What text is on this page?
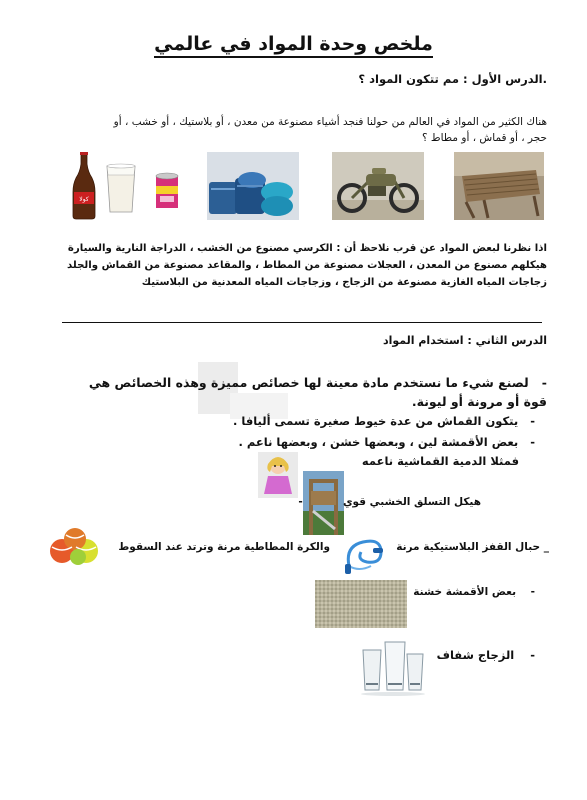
ملخص وحدة المواد في عالمي
.الدرس الأول : مم تتكون المواد ؟
هناك الكثير من المواد في العالم من حولنا فنجد أشياء مصنوعة من معدن ، أو بلاستيك ، أو خشب ، أو
حجر ، أو قماش ، أو مطاط ؟
كولا
اذا نظرنا لبعض المواد عن قرب نلاحظ أن : الكرسي مصنوع من الخشب ، الدراجة النارية والسيارة
هيكلهم مصنوع من المعدن ، العجلات مصنوعة من المطاط ، والمقاعد مصنوعة من القماش والجلد
زجاجات المياه الغازية مصنوعة من الزجاج ، وزجاجات المياه المعدنية من البلاستيك
الدرس الثاني : استخدام المواد
-   لصنع شيء ما نستخدم مادة معينة لها خصائص مميزة وهذه الخصائص هي
قوة أو مرونة أو ليونة.
-   يتكون القماش من عدة خيوط صغيرة تسمى أليافا .
-   بعض الأقمشة لين ، وبعضها خشن ، وبعضها ناعم .
فمثلا الدمية القماشية ناعمه
هيكل التسلق الخشبي قوي           -
_ حبال القفز البلاستيكية مرنة
والكرة المطاطية مرنة وترتد عند السقوط
-    بعض الأقمشة خشنة
-    الزجاج شفاف
